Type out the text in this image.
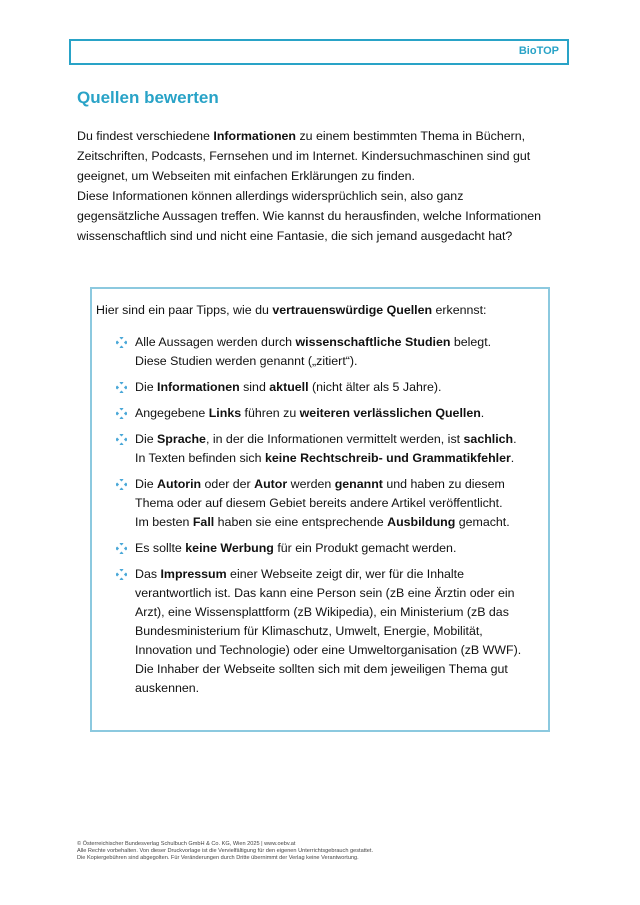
BioTOP
Quellen bewerten

Du findest verschiedene Informationen zu einem bestimmten Thema in Büchern,
Zeitschriften, Podcasts, Fernsehen und im Internet. Kindersuchmaschinen sind gut
geeignet, um Webseiten mit einfachen Erklärungen zu finden.

Diese Informationen können allerdings widersprüchlich sein, also ganz
gegensätzliche Aussagen treffen. Wie kannst du herausfinden, welche Informationen
wissenschaftlich sind und nicht eine Fantasie, die sich jemand ausgedacht hat?

Hier sind ein paar Tipps, wie du vertrauenswürdige Quellen erkennst:

Alle Aussagen werden durch wissenschaftliche Studien belegt.
Diese Studien werden genannt („zitiert“).
Die Informationen sind aktuell (nicht älter als 5 Jahre).
Angegebene Links führen zu weiteren verlässlichen Quellen.
Die Sprache, in der die Informationen vermittelt werden, ist sachlich.
In Texten befinden sich keine Rechtschreib- und Grammatikfehler.
Die Autorin oder der Autor werden genannt und haben zu diesem
Thema oder auf diesem Gebiet bereits andere Artikel veröffentlicht.
Im besten Fall haben sie eine entsprechende Ausbildung gemacht.
Es sollte keine Werbung für ein Produkt gemacht werden.
Das Impressum einer Webseite zeigt dir, wer für die Inhalte
verantwortlich ist. Das kann eine Person sein (zB eine Ärztin oder ein
Arzt), eine Wissensplattform (zB Wikipedia), ein Ministerium (zB das
Bundesministerium für Klimaschutz, Umwelt, Energie, Mobilität,
Innovation und Technologie) oder eine Umweltorganisation (zB WWF).
Die Inhaber der Webseite sollten sich mit dem jeweiligen Thema gut
auskennen.
© Österreichischer Bundesverlag Schulbuch GmbH & Co. KG, Wien 2025 | www.oebv.at
Alle Rechte vorbehalten. Von dieser Druckvorlage ist die Vervielfältigung für den eigenen Unterrichtsgebrauch gestattet.
Die Kopiergebühren sind abgegolten. Für Veränderungen durch Dritte übernimmt der Verlag keine Verantwortung.
